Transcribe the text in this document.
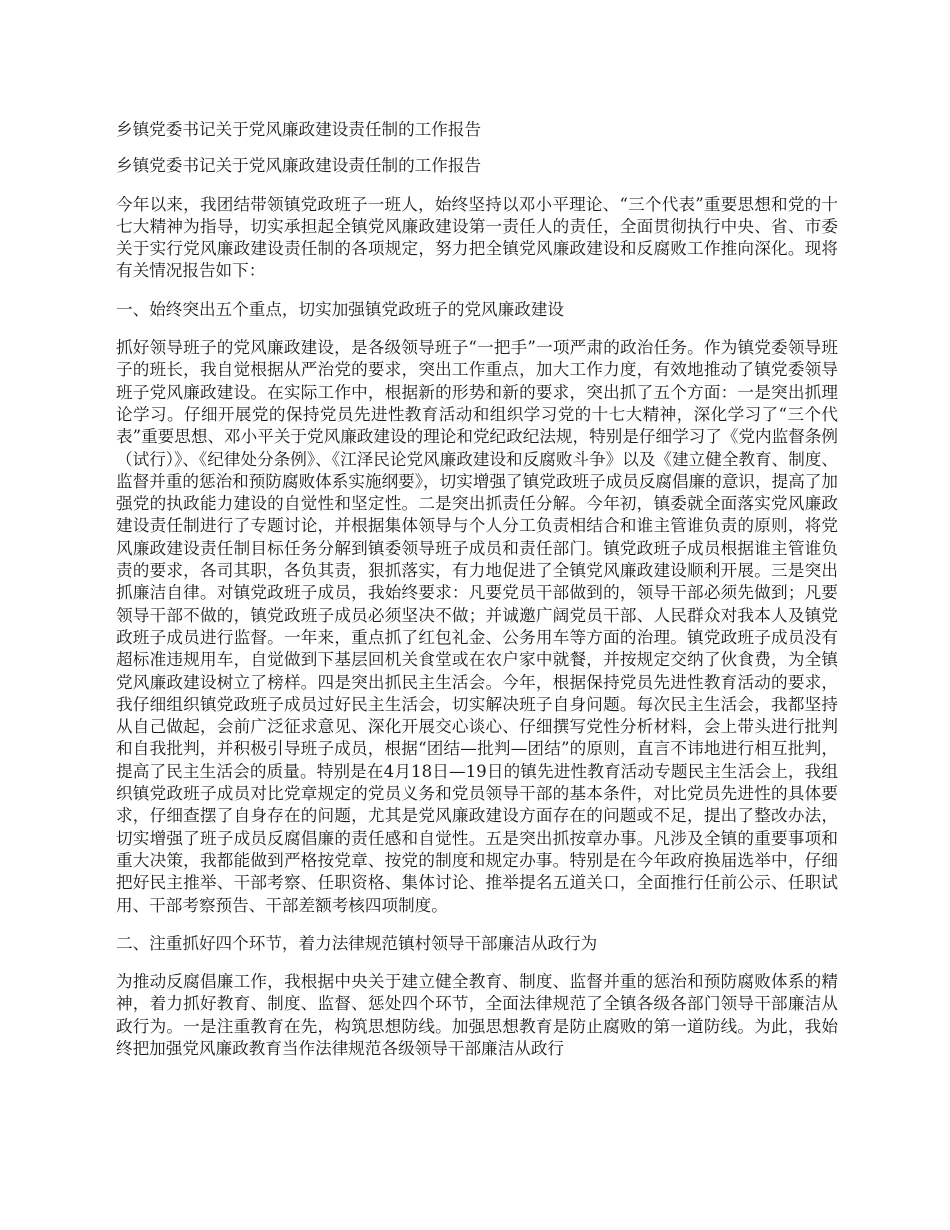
乡镇党委书记关于党风廉政建设责任制的工作报告

乡镇党委书记关于党风廉政建设责任制的工作报告

今年以来，我团结带领镇党政班子一班人，始终坚持以邓小平理论、“三个代表”重要思想和党的十七大精神为指导，切实承担起全镇党风廉政建设第一责任人的责任，全面贯彻执行中央、省、市委关于实行党风廉政建设责任制的各项规定，努力把全镇党风廉政建设和反腐败工作推向深化。现将有关情况报告如下：

一、始终突出五个重点，切实加强镇党政班子的党风廉政建设

抓好领导班子的党风廉政建设，是各级领导班子“一把手”一项严肃的政治任务。作为镇党委领导班子的班长，我自觉根据从严治党的要求，突出工作重点，加大工作力度，有效地推动了镇党委领导班子党风廉政建设。在实际工作中，根据新的形势和新的要求，突出抓了五个方面：一是突出抓理论学习。仔细开展党的保持党员先进性教育活动和组织学习党的十七大精神，深化学习了“三个代表”重要思想、邓小平关于党风廉政建设的理论和党纪政纪法规，特别是仔细学习了《党内监督条例（试行）》、《纪律处分条例》、《江泽民论党风廉政建设和反腐败斗争》以及《建立健全教育、制度、监督并重的惩治和预防腐败体系实施纲要》，切实增强了镇党政班子成员反腐倡廉的意识，提高了加强党的执政能力建设的自觉性和坚定性。二是突出抓责任分解。今年初，镇委就全面落实党风廉政建设责任制进行了专题讨论，并根据集体领导与个人分工负责相结合和谁主管谁负责的原则，将党风廉政建设责任制目标任务分解到镇委领导班子成员和责任部门。镇党政班子成员根据谁主管谁负责的要求，各司其职，各负其责，狠抓落实，有力地促进了全镇党风廉政建设顺利开展。三是突出抓廉洁自律。对镇党政班子成员，我始终要求：凡要党员干部做到的，领导干部必须先做到；凡要领导干部不做的，镇党政班子成员必须坚决不做；并诚邀广阔党员干部、人民群众对我本人及镇党政班子成员进行监督。一年来，重点抓了红包礼金、公务用车等方面的治理。镇党政班子成员没有超标准违规用车，自觉做到下基层回机关食堂或在农户家中就餐，并按规定交纳了伙食费，为全镇党风廉政建设树立了榜样。四是突出抓民主生活会。今年，根据保持党员先进性教育活动的要求，我仔细组织镇党政班子成员过好民主生活会，切实解决班子自身问题。每次民主生活会，我都坚持从自己做起，会前广泛征求意见、深化开展交心谈心、仔细撰写党性分析材料，会上带头进行批判和自我批判，并积极引导班子成员，根据“团结—批判—团结”的原则，直言不讳地进行相互批判，提高了民主生活会的质量。特别是在4月18日—19日的镇先进性教育活动专题民主生活会上，我组织镇党政班子成员对比党章规定的党员义务和党员领导干部的基本条件，对比党员先进性的具体要求，仔细查摆了自身存在的问题，尤其是党风廉政建设方面存在的问题或不足，提出了整改办法，切实增强了班子成员反腐倡廉的责任感和自觉性。五是突出抓按章办事。凡涉及全镇的重要事项和重大决策，我都能做到严格按党章、按党的制度和规定办事。特别是在今年政府换届选举中，仔细把好民主推举、干部考察、任职资格、集体讨论、推举提名五道关口，全面推行任前公示、任职试用、干部考察预告、干部差额考核四项制度。

二、注重抓好四个环节，着力法律规范镇村领导干部廉洁从政行为

为推动反腐倡廉工作，我根据中央关于建立健全教育、制度、监督并重的惩治和预防腐败体系的精神，着力抓好教育、制度、监督、惩处四个环节，全面法律规范了全镇各级各部门领导干部廉洁从政行为。一是注重教育在先，构筑思想防线。加强思想教育是防止腐败的第一道防线。为此，我始终把加强党风廉政教育当作法律规范各级领导干部廉洁从政行
